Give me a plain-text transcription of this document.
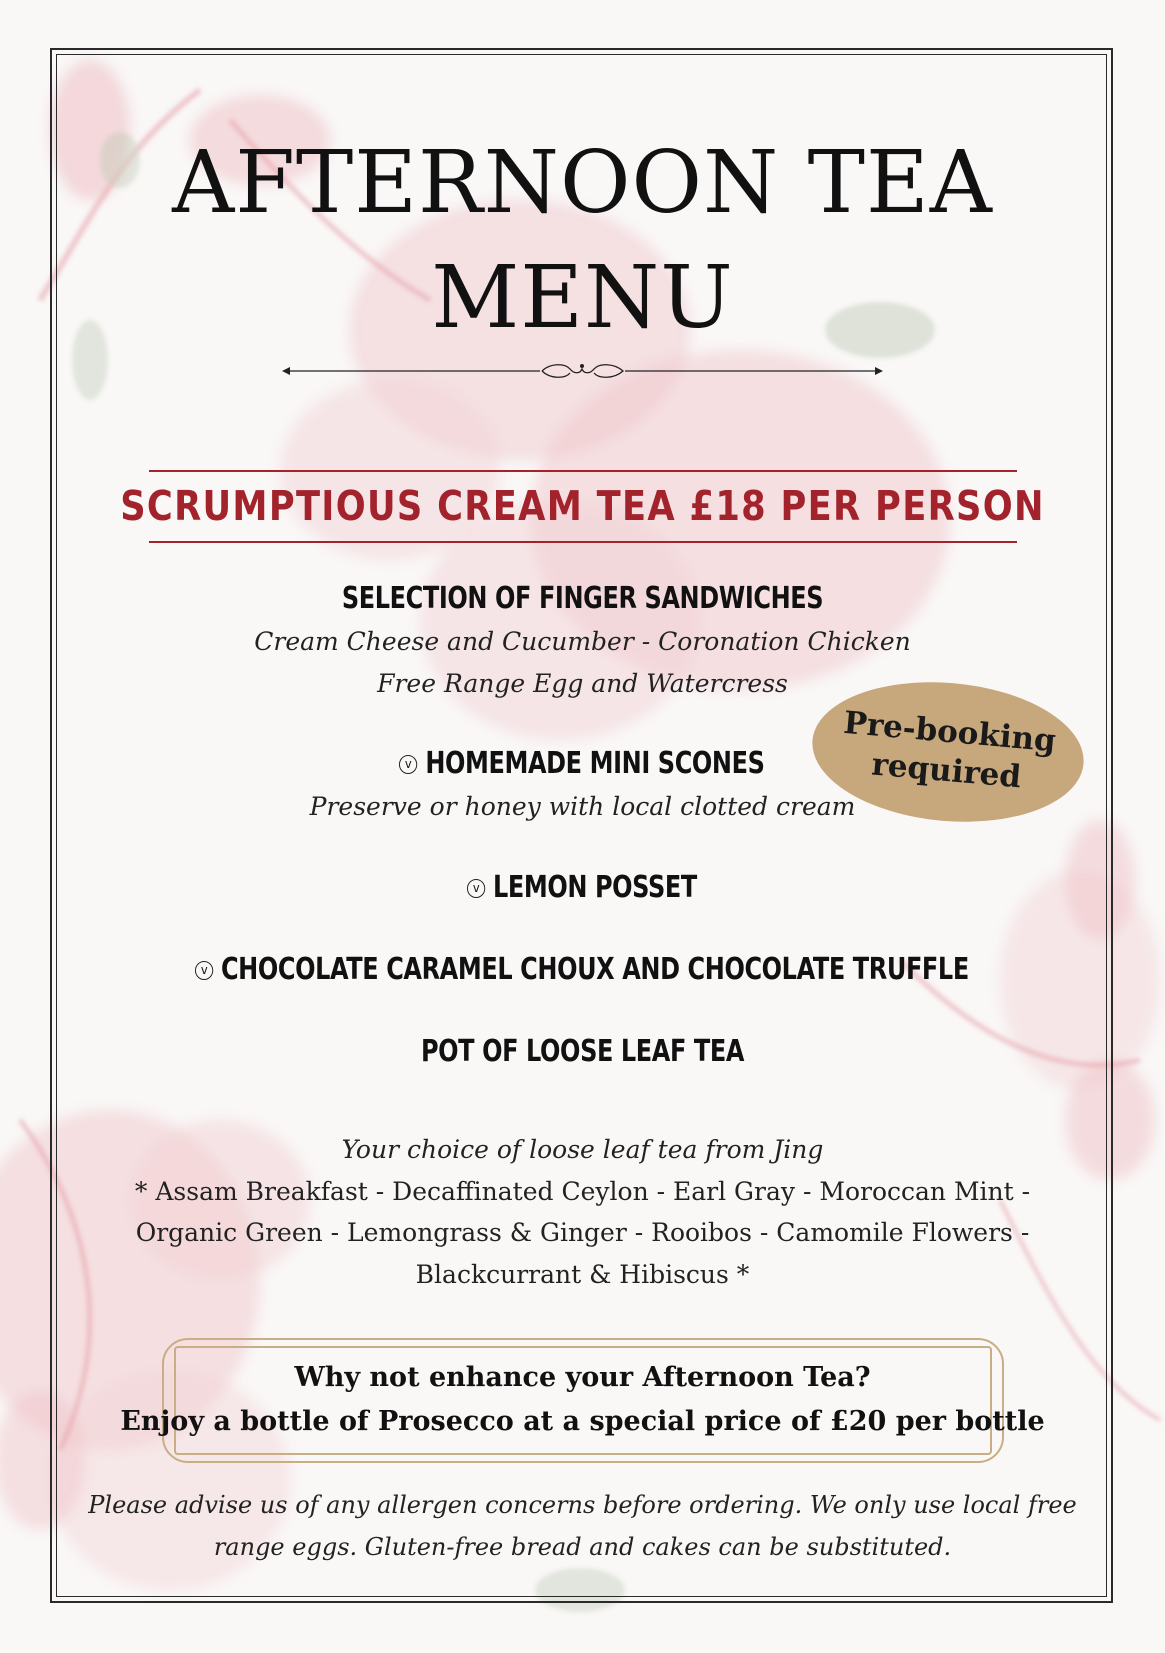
AFTERNOON TEA
MENU
SCRUMPTIOUS CREAM TEA £18 PER PERSON
SELECTION OF FINGER SANDWICHES
Cream Cheese and Cucumber - Coronation Chicken
Free Range Egg and Watercress
v HOMEMADE MINI SCONES
Preserve or honey with local clotted cream
v LEMON POSSET
v CHOCOLATE CARAMEL CHOUX AND CHOCOLATE TRUFFLE
POT OF LOOSE LEAF TEA
Your choice of loose leaf tea from Jing
* Assam Breakfast - Decaffinated Ceylon - Earl Gray - Moroccan Mint -
Organic Green - Lemongrass & Ginger - Rooibos - Camomile Flowers -
Blackcurrant & Hibiscus *
Pre-booking
required
Why not enhance your Afternoon Tea?
Enjoy a bottle of Prosecco at a special price of £20 per bottle
Please advise us of any allergen concerns before ordering. We only use local free
range eggs. Gluten-free bread and cakes can be substituted.
